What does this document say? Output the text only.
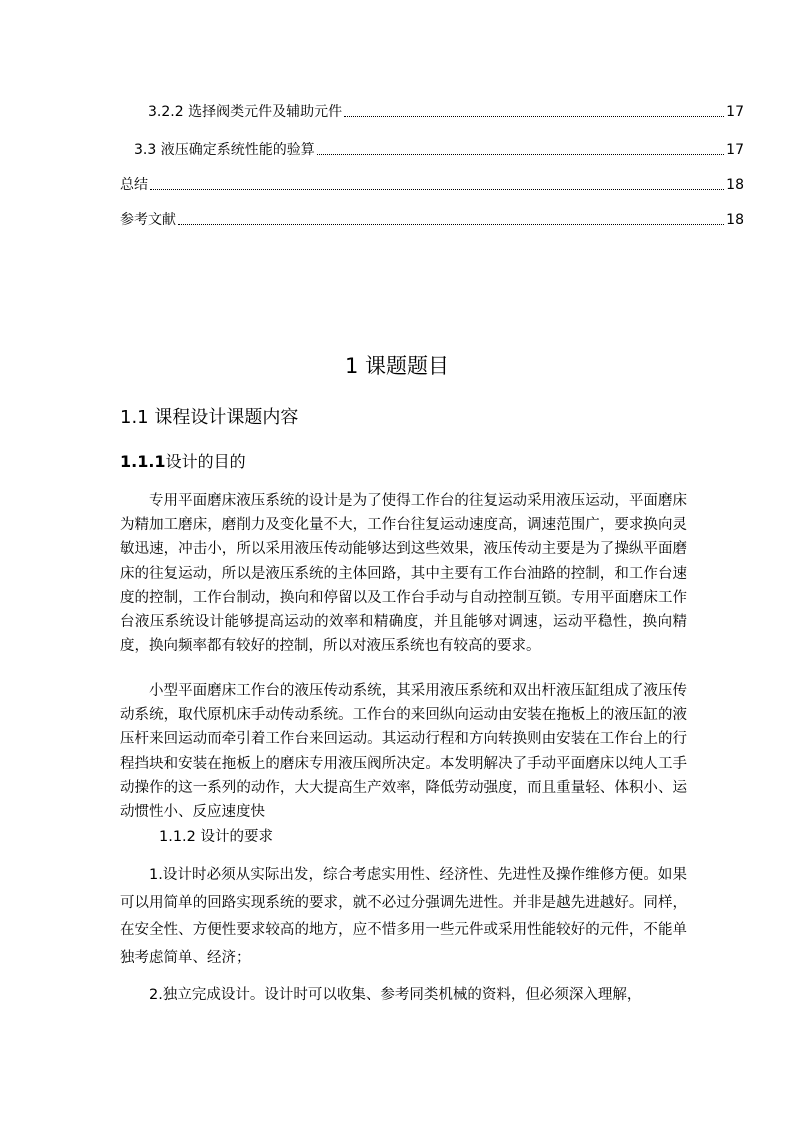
3.2.2 选择阀类元件及辅助元件	17
3.3 液压确定系统性能的验算	17
总结	18
参考文献	18
1 课题题目
1.1 课程设计课题内容
1.1.1设计的目的

专用平面磨床液压系统的设计是为了使得工作台的往复运动采用液压运动，平面磨床为精加工磨床，磨削力及变化量不大，工作台往复运动速度高，调速范围广，要求换向灵敏迅速，冲击小，所以采用液压传动能够达到这些效果，液压传动主要是为了操纵平面磨床的往复运动，所以是液压系统的主体回路，其中主要有工作台油路的控制，和工作台速度的控制，工作台制动，换向和停留以及工作台手动与自动控制互锁。专用平面磨床工作台液压系统设计能够提高运动的效率和精确度，并且能够对调速，运动平稳性，换向精度，换向频率都有较好的控制，所以对液压系统也有较高的要求。

小型平面磨床工作台的液压传动系统，其采用液压系统和双出杆液压缸组成了液压传动系统，取代原机床手动传动系统。工作台的来回纵向运动由安装在拖板上的液压缸的液压杆来回运动而牵引着工作台来回运动。其运动行程和方向转换则由安装在工作台上的行程挡块和安装在拖板上的磨床专用液压阀所决定。本发明解决了手动平面磨床以纯人工手动操作的这一系列的动作，大大提高生产效率，降低劳动强度，而且重量轻、体积小、运动惯性小、反应速度快

1.1.2 设计的要求

1.设计时必须从实际出发，综合考虑实用性、经济性、先进性及操作维修方便。如果可以用简单的回路实现系统的要求，就不必过分强调先进性。并非是越先进越好。同样，在安全性、方便性要求较高的地方，应不惜多用一些元件或采用性能较好的元件，不能单独考虑简单、经济；

2.独立完成设计。设计时可以收集、参考同类机械的资料，但必须深入理解，
